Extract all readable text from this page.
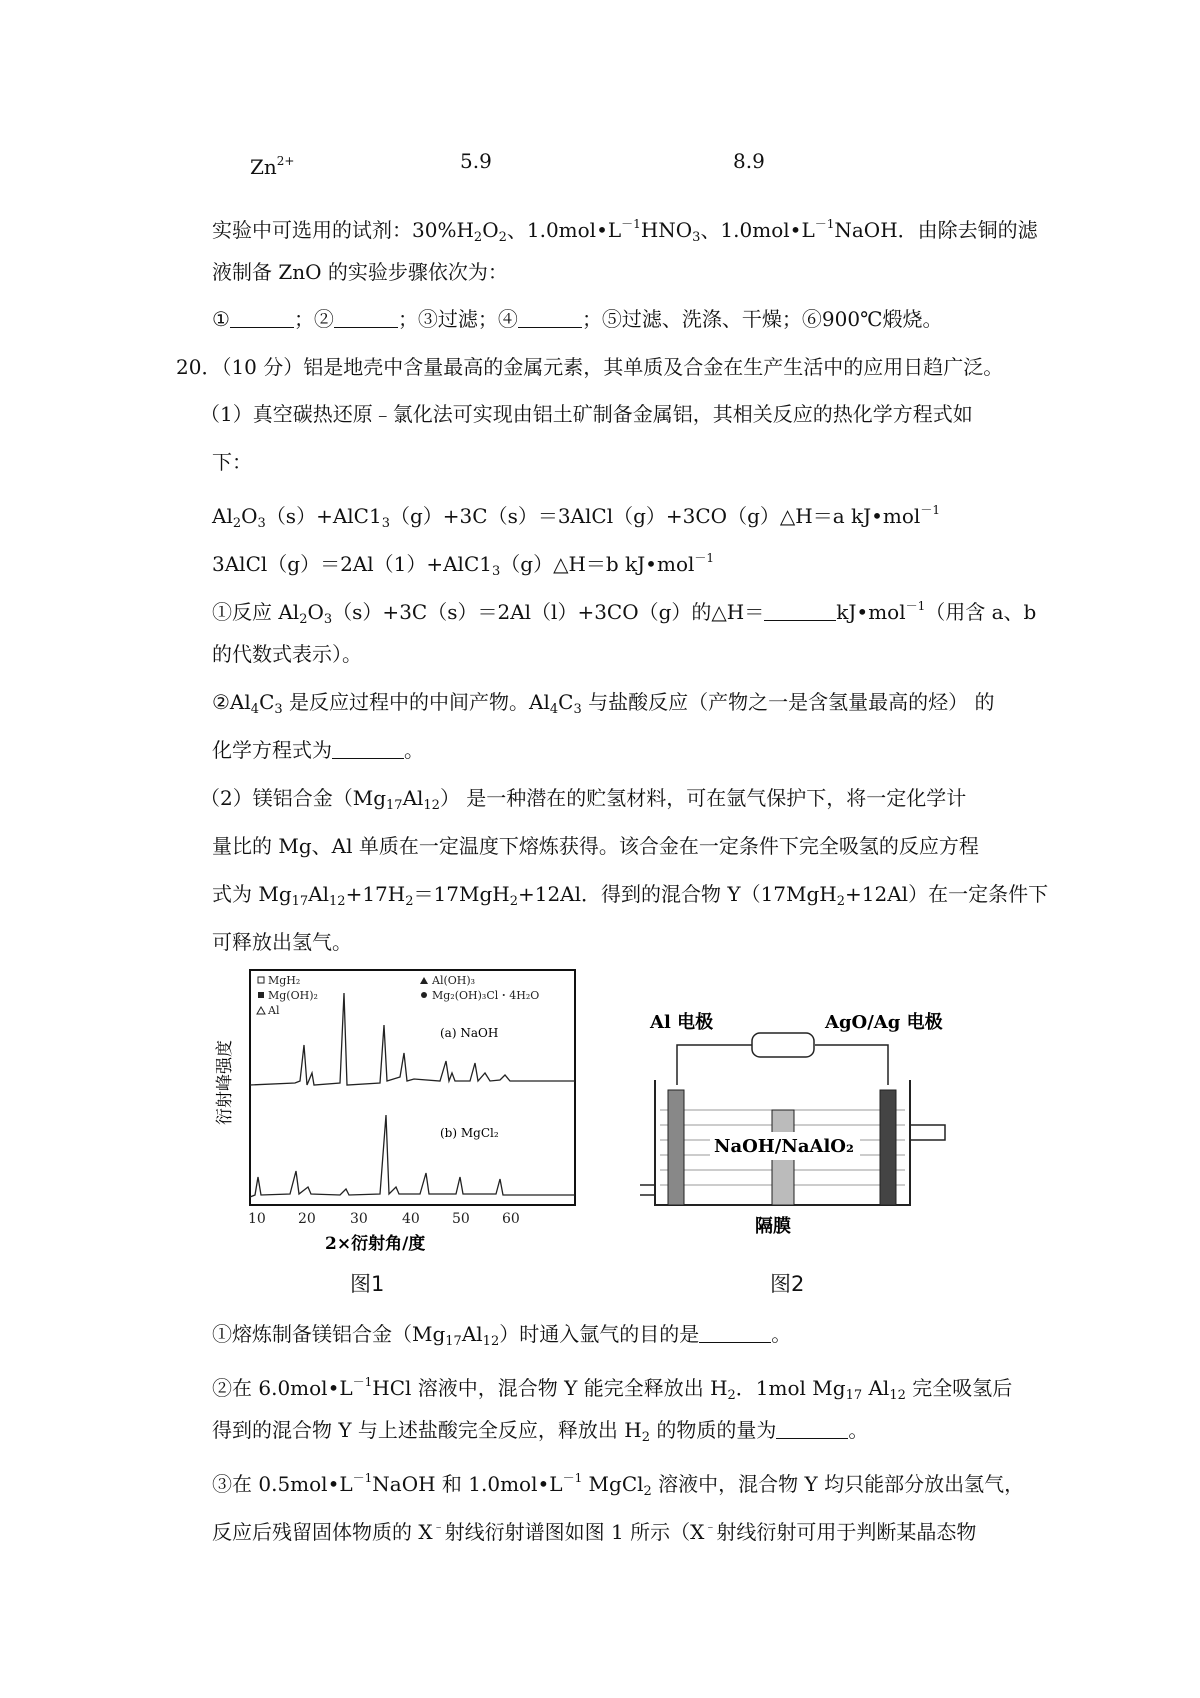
$Zn^{2+}$	5.9	8.9
实验中可选用的试剂：$30\%H_2O_2$、$1.0mol•L^{-1}HNO_3$、$1.0mol•L^{-1}NaOH$．由除去铜的滤
液制备 ZnO 的实验步骤依次为：
①	；②	；③过滤；④	；⑤过滤、洗涤、干燥；⑥900℃煅烧。
20．（10 分）铝是地壳中含量最高的金属元素，其单质及合金在生产生活中的应用日趋广泛。
（1）真空碳热还原﹣氯化法可实现由铝土矿制备金属铝，其相关反应的热化学方程式如
下：
$Al_2O_3(s)+AlC1_3(g)+3C(s)=3AlCl(g)+3CO(g)\triangle H=a$ kJ•mol$^{-1}$
$3AlCl(g)=2Al(1)+AlC1_3(g)\triangle H=b$ kJ•mol$^{-1}$
①反应 $Al_2O_3(s)+3C(s)=2Al(l)+3CO(g)$的△H＝	kJ•mol$^{-1}$（用含 a、b
的代数式表示）。
$②Al_4C_3$ 是反应过程中的中间产物。$Al_4C_3$ 与盐酸反应（产物之一是含氢量最高的烃） 的
化学方程式为	。
（2）镁铝合金$(Mg_{17}Al_{12})$ 是一种潜在的贮氢材料，可在氩气保护下，将一定化学计
量比的 Mg、Al 单质在一定温度下熔炼获得。该合金在一定条件下完全吸氢的反应方程
式为 $Mg_{17}Al_{12}+17H_2=17MgH_2+12Al$．得到的混合物 Y（17MgH$_2$+12Al）在一定条件下
可释放出氢气。
MgH₂	Al(OH)₃
Mg(OH)₂	Mg₂(OH)₃Cl・4H₂O
Al
(a) NaOH
(b) MgCl₂
10 20 30 40 50 60
2×衍射角/度
衍射峰强度
图1
Al 电极	AgO/Ag 电极
NaOH/NaAlO₂
隔膜
图2
①熔炼制备镁铝合金$(Mg_{17}Al_{12})$时通入氩气的目的是	。
②在 $6.0mol•L^{-1}HCl$ 溶液中，混合物 Y 能完全释放出 $H_2$．1mol $Mg_{17}$ $Al_{12}$ 完全吸氢后
得到的混合物 Y 与上述盐酸完全反应，释放出 $H_2$ 的物质的量为	。
③在 $0.5mol•L^{-1}NaOH$ 和 $1.0mol•L^{-1}$ MgCl$_2$ 溶液中，混合物 Y 均只能部分放出氢气，
反应后残留固体物质的 X﹣射线衍射谱图如图 1 所示（X﹣射线衍射可用于判断某晶态物
